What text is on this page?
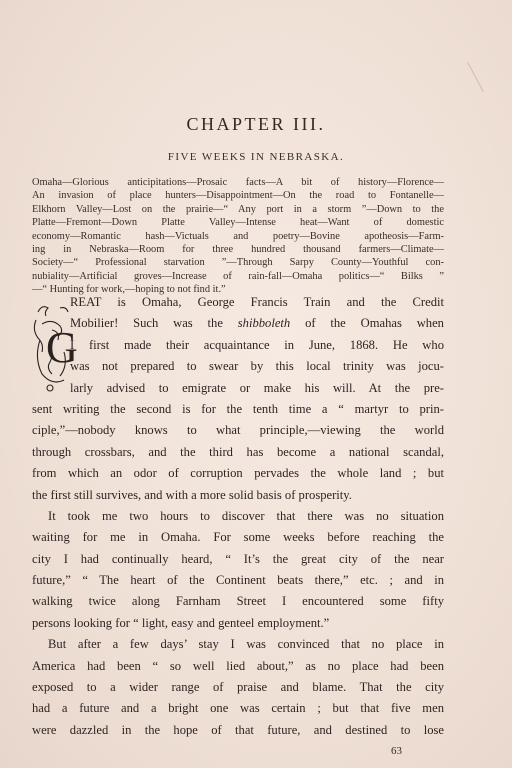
CHAPTER III.
FIVE WEEKS IN NEBRASKA.
Omaha—Glorious anticipitations—Prosaic facts—A bit of history—Florence—
An invasion of place hunters—Disappointment—On the road to Fontanelle—
Elkhorn Valley—Lost on the prairie—“ Any port in a storm ”—Down to the
Platte—Fremont—Down Platte Valley—Intense heat—Want of domestic
economy—Romantic hash—Victuals and poetry—Bovine apotheosis—Farm-
ing in Nebraska—Room for three hundred thousand farmers—Climate—
Society—“ Professional starvation ”—Through Sarpy County—Youthful con-
nubiality—Artificial groves—Increase of rain-fall—Omaha politics—“ Bilks ”
—“ Hunting for work,—hoping to not find it.”
G
REAT is Omaha, George Francis Train and the Credit
Mobilier! Such was the shibboleth of the Omahas when
I first made their acquaintance in June, 1868. He who
was not prepared to swear by this local trinity was jocu-
larly advised to emigrate or make his will. At the pre-
sent writing the second is for the tenth time a “ martyr to prin-
ciple,”—nobody knows to what principle,—viewing the world
through crossbars, and the third has become a national scandal,
from which an odor of corruption pervades the whole land ; but
the first still survives, and with a more solid basis of prosperity.
It took me two hours to discover that there was no situation
waiting for me in Omaha. For some weeks before reaching the
city I had continually heard, “ It’s the great city of the near
future,” “ The heart of the Continent beats there,” etc. ; and in
walking twice along Farnham Street I encountered some fifty
persons looking for “ light, easy and genteel employment.”
But after a few days’ stay I was convinced that no place in
America had been “ so well lied about,” as no place had been
exposed to a wider range of praise and blame. That the city
had a future and a bright one was certain ; but that five men
were dazzled in the hope of that future, and destined to lose
63
